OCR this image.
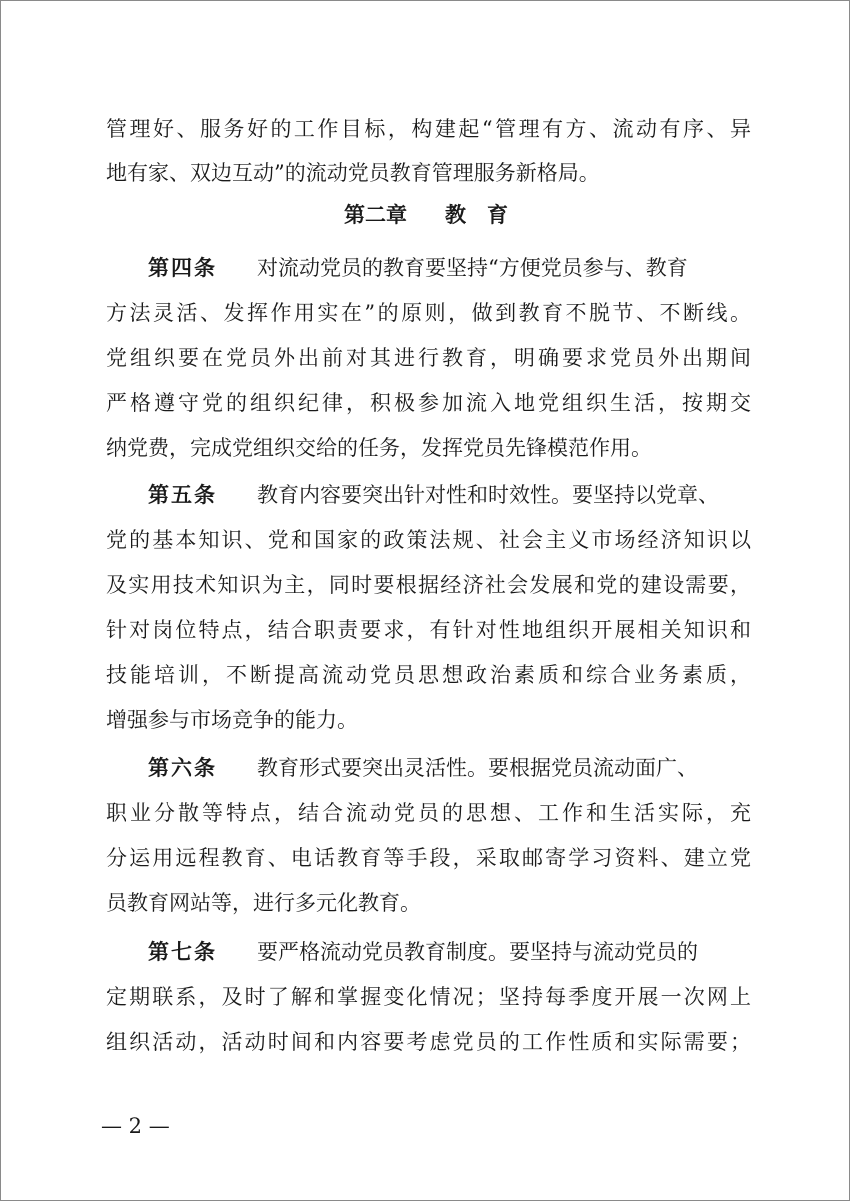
管理好、服务好的工作目标，构建起“管理有方、流动有序、异
地有家、双边互动”的流动党员教育管理服务新格局。
第二章 教　育
第四条 对流动党员的教育要坚持“方便党员参与、教育
方法灵活、发挥作用实在”的原则，做到教育不脱节、不断线。
党组织要在党员外出前对其进行教育，明确要求党员外出期间
严格遵守党的组织纪律，积极参加流入地党组织生活，按期交
纳党费，完成党组织交给的任务，发挥党员先锋模范作用。
第五条 教育内容要突出针对性和时效性。要坚持以党章、
党的基本知识、党和国家的政策法规、社会主义市场经济知识以
及实用技术知识为主，同时要根据经济社会发展和党的建设需要，
针对岗位特点，结合职责要求，有针对性地组织开展相关知识和
技能培训，不断提高流动党员思想政治素质和综合业务素质，
增强参与市场竞争的能力。
第六条 教育形式要突出灵活性。要根据党员流动面广、
职业分散等特点，结合流动党员的思想、工作和生活实际，充
分运用远程教育、电话教育等手段，采取邮寄学习资料、建立党
员教育网站等，进行多元化教育。
第七条 要严格流动党员教育制度。要坚持与流动党员的
定期联系，及时了解和掌握变化情况；坚持每季度开展一次网上
组织活动，活动时间和内容要考虑党员的工作性质和实际需要；
— 2 —
